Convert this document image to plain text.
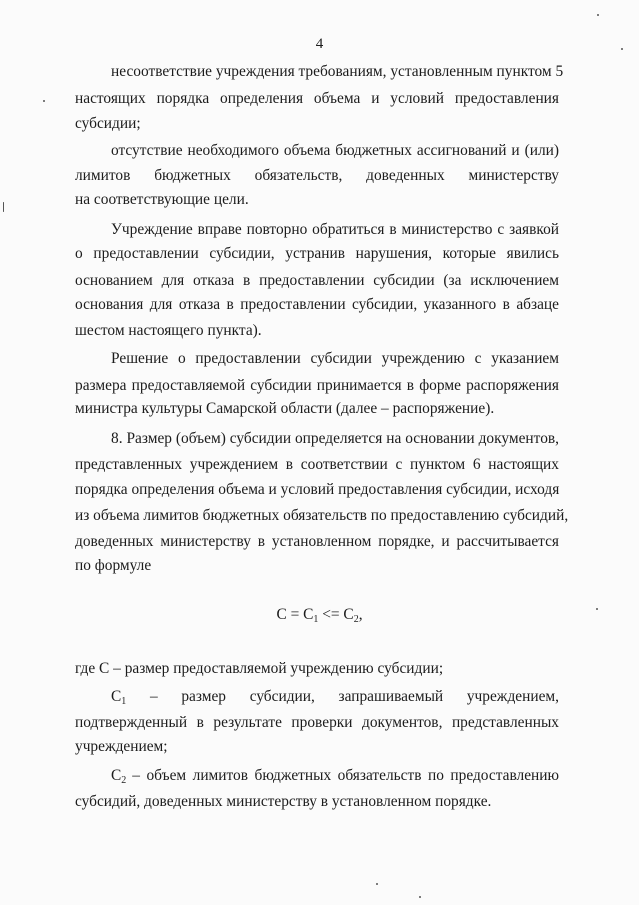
4
несоответствие учреждения требованиям, установленным пунктом 5
настоящих порядка определения объема и условий предоставления
субсидии;
отсутствие необходимого объема бюджетных ассигнований и (или)
лимитов бюджетных обязательств, доведенных министерству
на соответствующие цели.
Учреждение вправе повторно обратиться в министерство с заявкой
о предоставлении субсидии, устранив нарушения, которые явились
основанием для отказа в предоставлении субсидии (за исключением
основания для отказа в предоставлении субсидии, указанного в абзаце
шестом настоящего пункта).
Решение о предоставлении субсидии учреждению с указанием
размера предоставляемой субсидии принимается в форме распоряжения
министра культуры Самарской области (далее – распоряжение).
8. Размер (объем) субсидии определяется на основании документов,
представленных учреждением в соответствии с пунктом 6 настоящих
порядка определения объема и условий предоставления субсидии, исходя
из объема лимитов бюджетных обязательств по предоставлению субсидий,
доведенных министерству в установленном порядке, и рассчитывается
по формуле
$С = С_1 <= С_2$,
где С – размер предоставляемой учреждению субсидии;
$С_1$ – размер субсидии, запрашиваемый учреждением,
подтвержденный в результате проверки документов, представленных
учреждением;
$С_2$ – объем лимитов бюджетных обязательств по предоставлению
субсидий, доведенных министерству в установленном порядке.
